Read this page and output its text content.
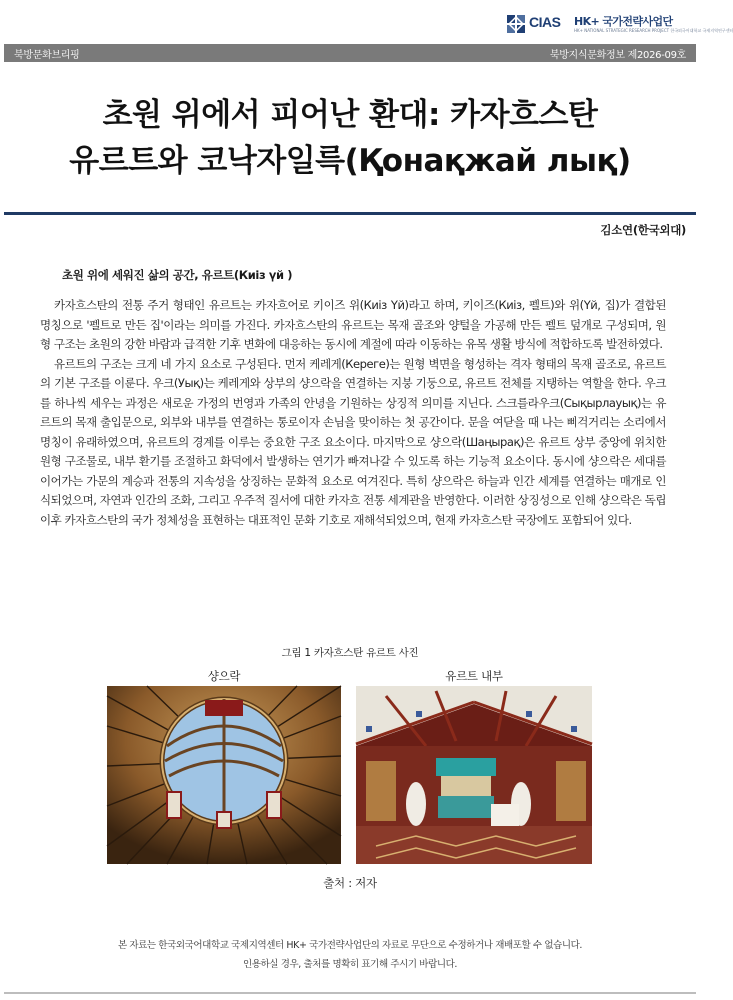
CIAS HK+ 국가전략사업단
HK+ NATIONAL STRATEGIC RESEARCH PROJECT 한국외국어대학교 국제지역연구센터
북방문화브리핑	북방지식문화정보 제2026-09호
초원 위에서 피어난 환대: 카자흐스탄
유르트와 코낙자일륵(Қонақжай лық)
김소연(한국외대)
초원 위에 세워진 삶의 공간, 유르트(Киіз үй )

카자흐스탄의 전통 주거 형태인 유르트는 카자흐어로 키이즈 위(Киіз Үй)라고 하며, 키이즈(Киіз, 펠트)와 위(Үй, 집)가 결합된 명칭으로 '펠트로 만든 집'이라는 의미를 가진다. 카자흐스탄의 유르트는 목재 골조와 양털을 가공해 만든 펠트 덮개로 구성되며, 원형 구조는 초원의 강한 바람과 급격한 기후 변화에 대응하는 동시에 계절에 따라 이동하는 유목 생활 방식에 적합하도록 발전하였다.

유르트의 구조는 크게 네 가지 요소로 구성된다. 먼저 케레게(Кереге)는 원형 벽면을 형성하는 격자 형태의 목재 골조로, 유르트의 기본 구조를 이룬다. 우크(Уық)는 케레게와 상부의 샹으락을 연결하는 지붕 기둥으로, 유르트 전체를 지탱하는 역할을 한다. 우크를 하나씩 세우는 과정은 새로운 가정의 번영과 가족의 안녕을 기원하는 상징적 의미를 지닌다. 스크를라우크(Сықырлауық)는 유르트의 목재 출입문으로, 외부와 내부를 연결하는 통로이자 손님을 맞이하는 첫 공간이다. 문을 여닫을 때 나는 삐걱거리는 소리에서 명칭이 유래하였으며, 유르트의 경계를 이루는 중요한 구조 요소이다. 마지막으로 샹으락(Шаңырақ)은 유르트 상부 중앙에 위치한 원형 구조물로, 내부 환기를 조절하고 화덕에서 발생하는 연기가 빠져나갈 수 있도록 하는 기능적 요소이다. 동시에 샹으락은 세대를 이어가는 가문의 계승과 전통의 지속성을 상징하는 문화적 요소로 여겨진다. 특히 샹으락은 하늘과 인간 세계를 연결하는 매개로 인식되었으며, 자연과 인간의 조화, 그리고 우주적 질서에 대한 카자흐 전통 세계관을 반영한다. 이러한 상징성으로 인해 샹으락은 독립 이후 카자흐스탄의 국가 정체성을 표현하는 대표적인 문화 기호로 재해석되었으며, 현재 카자흐스탄 국장에도 포함되어 있다.

그림 1 카자흐스탄 유르트 사진
샹으락	유르트 내부
출처 : 저자
본 자료는 한국외국어대학교 국제지역센터 HK+ 국가전략사업단의 자료로 무단으로 수정하거나 재배포할 수 없습니다.
인용하실 경우, 출처를 명확히 표기해 주시기 바랍니다.
